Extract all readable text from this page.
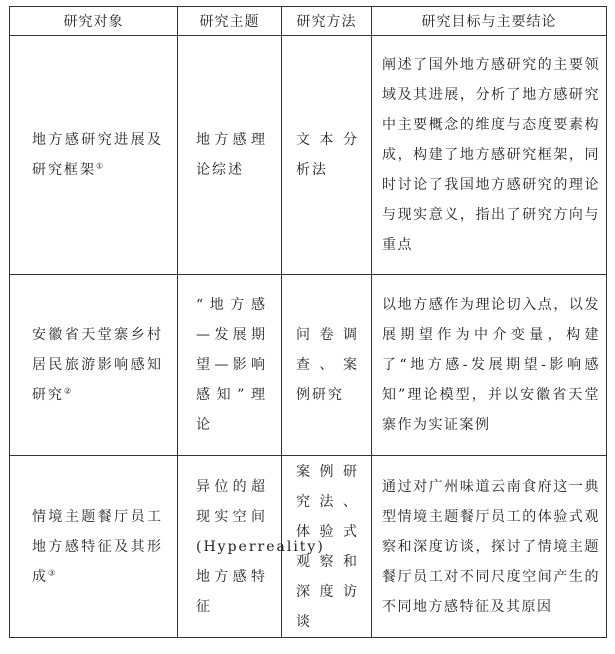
研究对象	研究主题	研究方法	研究目标与主要结论
地方感研究进展及研究框架①	地方感理论综述	文本分析法	阐述了国外地方感研究的主要领域及其进展，分析了地方感研究中主要概念的维度与态度要素构成，构建了地方感研究框架，同时讨论了我国地方感研究的理论与现实意义，指出了研究方向与重点
安徽省天堂寨乡村居民旅游影响感知研究②	“地方感—发展期望—影响感知”理论	问卷调查、案例研究	以地方感作为理论切入点，以发展期望作为中介变量，构建了“地方感-发展期望-影响感知”理论模型，并以安徽省天堂寨作为实证案例
情境主题餐厅员工地方感特征及其形成③	异位的超现实空间(Hyperreality)地方感特征	案例研究法、体验式观察和深度访谈	通过对广州味道云南食府这一典型情境主题餐厅员工的体验式观察和深度访谈，探讨了情境主题餐厅员工对不同尺度空间产生的不同地方感特征及其原因
